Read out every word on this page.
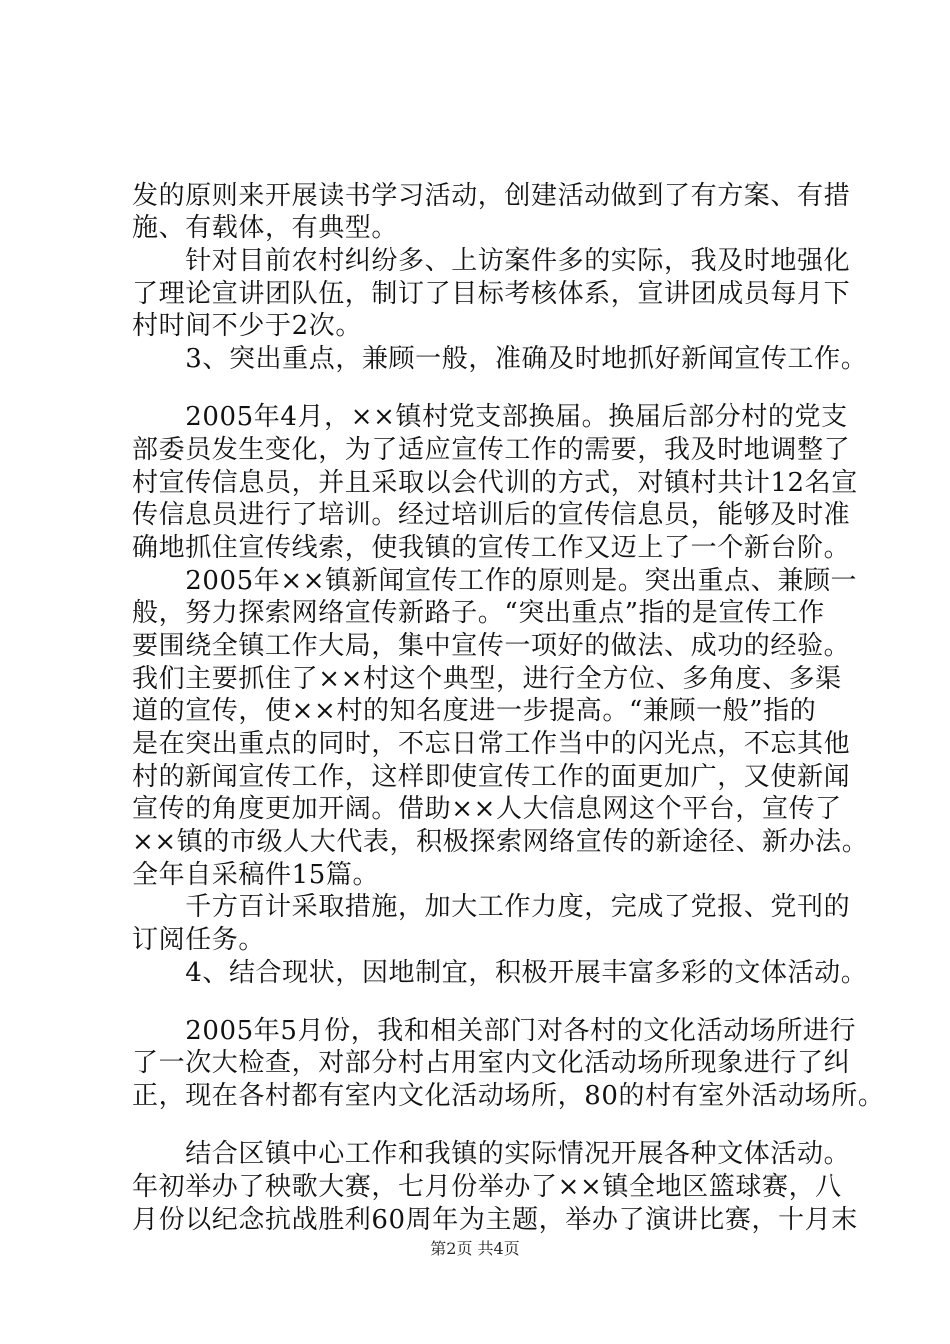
发的原则来开展读书学习活动，创建活动做到了有方案、有措
施、有载体，有典型。
　　针对目前农村纠纷多、上访案件多的实际，我及时地强化
了理论宣讲团队伍，制订了目标考核体系，宣讲团成员每月下
村时间不少于2次。
　　3、突出重点，兼顾一般，准确及时地抓好新闻宣传工作。
　　2005年4月，××镇村党支部换届。换届后部分村的党支
部委员发生变化，为了适应宣传工作的需要，我及时地调整了
村宣传信息员，并且采取以会代训的方式，对镇村共计12名宣
传信息员进行了培训。经过培训后的宣传信息员，能够及时准
确地抓住宣传线索，使我镇的宣传工作又迈上了一个新台阶。
　　2005年××镇新闻宣传工作的原则是。突出重点、兼顾一
般，努力探索网络宣传新路子。“突出重点”指的是宣传工作
要围绕全镇工作大局，集中宣传一项好的做法、成功的经验。
我们主要抓住了××村这个典型，进行全方位、多角度、多渠
道的宣传，使××村的知名度进一步提高。“兼顾一般”指的
是在突出重点的同时，不忘日常工作当中的闪光点，不忘其他
村的新闻宣传工作，这样即使宣传工作的面更加广，又使新闻
宣传的角度更加开阔。借助××人大信息网这个平台，宣传了
××镇的市级人大代表，积极探索网络宣传的新途径、新办法。
全年自采稿件15篇。
　　千方百计采取措施，加大工作力度，完成了党报、党刊的
订阅任务。
　　4、结合现状，因地制宜，积极开展丰富多彩的文体活动。
　　2005年5月份，我和相关部门对各村的文化活动场所进行
了一次大检查，对部分村占用室内文化活动场所现象进行了纠
正，现在各村都有室内文化活动场所，80的村有室外活动场所。
　　结合区镇中心工作和我镇的实际情况开展各种文体活动。
年初举办了秧歌大赛，七月份举办了××镇全地区篮球赛，八
月份以纪念抗战胜利60周年为主题，举办了演讲比赛，十月末
第2页 共4页
